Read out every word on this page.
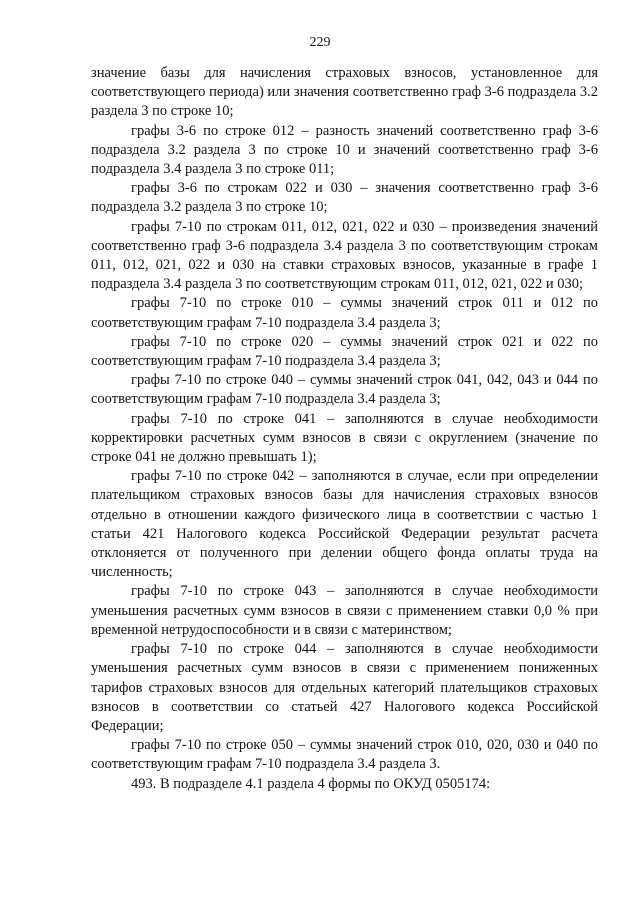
229

значение базы для начисления страховых взносов, установленное для соответствующего периода) или значения соответственно граф 3-6 подраздела 3.2 раздела 3 по строке 10;

графы 3-6 по строке 012 – разность значений соответственно граф 3-6 подраздела 3.2 раздела 3 по строке 10 и значений соответственно граф 3-6 подраздела 3.4 раздела 3 по строке 011;

графы 3-6 по строкам 022 и 030 – значения соответственно граф 3-6 подраздела 3.2 раздела 3 по строке 10;

графы 7-10 по строкам 011, 012, 021, 022 и 030 – произведения значений соответственно граф 3-6 подраздела 3.4 раздела 3 по соответствующим строкам 011, 012, 021, 022 и 030 на ставки страховых взносов, указанные в графе 1 подраздела 3.4 раздела 3 по соответствующим строкам 011, 012, 021, 022 и 030;

графы 7-10 по строке 010 – суммы значений строк 011 и 012 по соответствующим графам 7-10 подраздела 3.4 раздела 3;

графы 7-10 по строке 020 – суммы значений строк 021 и 022 по соответствующим графам 7-10 подраздела 3.4 раздела 3;

графы 7-10 по строке 040 – суммы значений строк 041, 042, 043 и 044 по соответствующим графам 7-10 подраздела 3.4 раздела 3;

графы 7-10 по строке 041 – заполняются в случае необходимости корректировки расчетных сумм взносов в связи с округлением (значение по строке 041 не должно превышать 1);

графы 7-10 по строке 042 – заполняются в случае, если при определении плательщиком страховых взносов базы для начисления страховых взносов отдельно в отношении каждого физического лица в соответствии с частью 1 статьи 421 Налогового кодекса Российской Федерации результат расчета отклоняется от полученного при делении общего фонда оплаты труда на численность;

графы 7-10 по строке 043 – заполняются в случае необходимости уменьшения расчетных сумм взносов в связи с применением ставки 0,0 % при временной нетрудоспособности и в связи с материнством;

графы 7-10 по строке 044 – заполняются в случае необходимости уменьшения расчетных сумм взносов в связи с применением пониженных тарифов страховых взносов для отдельных категорий плательщиков страховых взносов в соответствии со статьей 427 Налогового кодекса Российской Федерации;

графы 7-10 по строке 050 – суммы значений строк 010, 020, 030 и 040 по соответствующим графам 7-10 подраздела 3.4 раздела 3.

493. В подразделе 4.1 раздела 4 формы по ОКУД 0505174:
